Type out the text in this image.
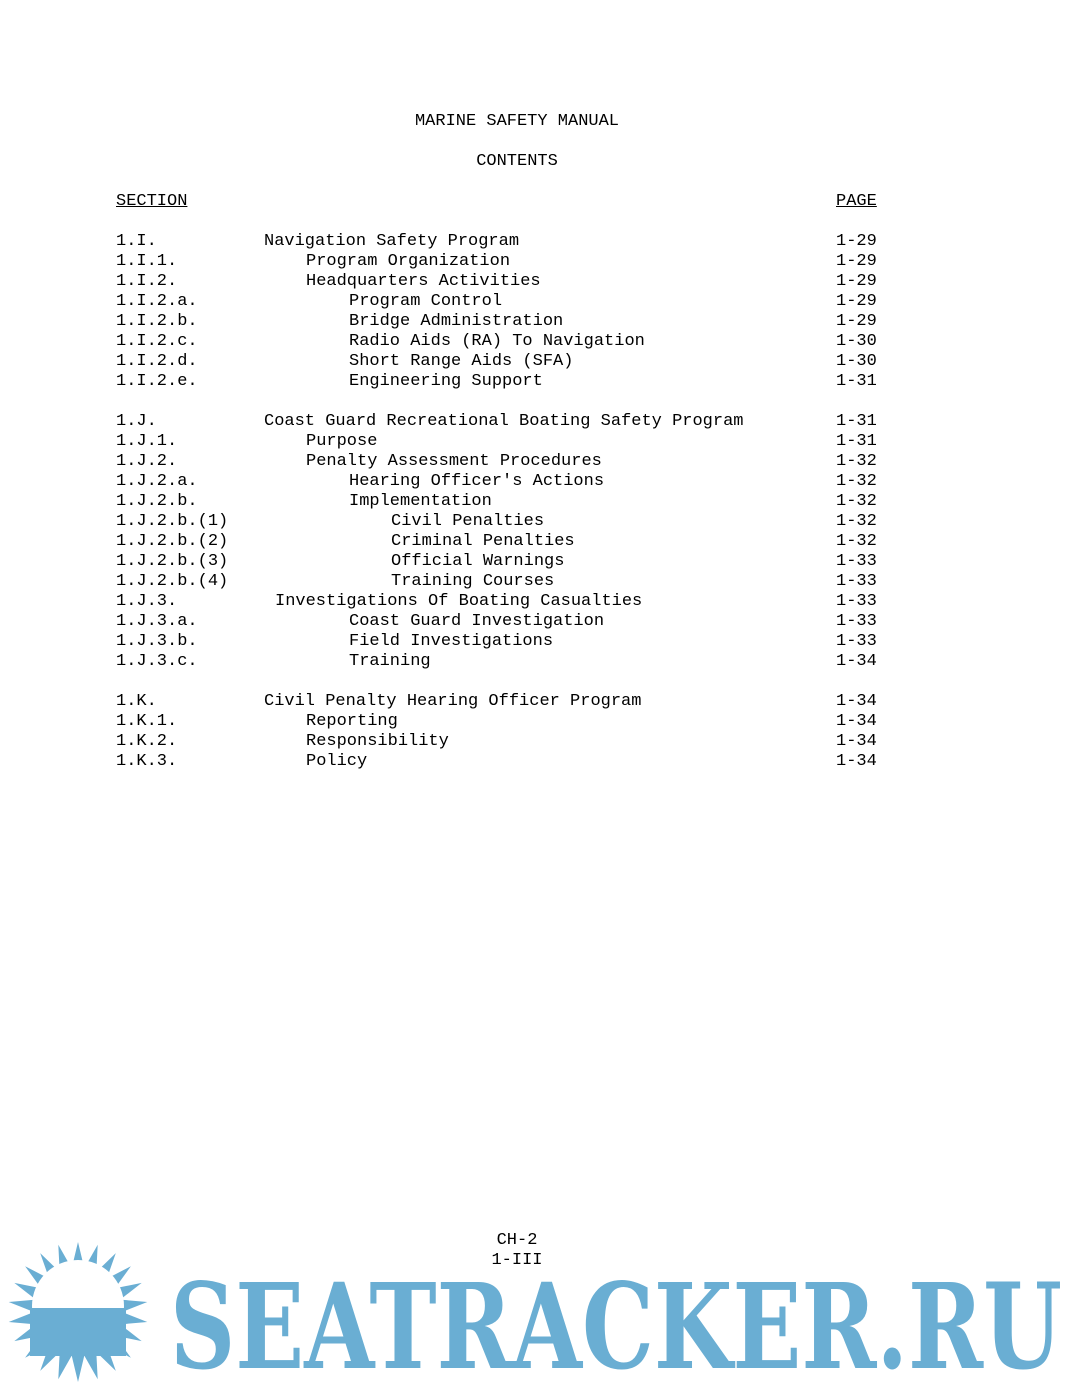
MARINE SAFETY MANUAL
CONTENTS
SECTION	PAGE
1.I.	Navigation Safety Program	1-29
1.I.1.	Program Organization	1-29
1.I.2.	Headquarters Activities	1-29
1.I.2.a.	Program Control	1-29
1.I.2.b.	Bridge Administration	1-29
1.I.2.c.	Radio Aids (RA) To Navigation	1-30
1.I.2.d.	Short Range Aids (SFA)	1-30
1.I.2.e.	Engineering Support	1-31
1.J.	Coast Guard Recreational Boating Safety Program	1-31
1.J.1.	Purpose	1-31
1.J.2.	Penalty Assessment Procedures	1-32
1.J.2.a.	Hearing Officer's Actions	1-32
1.J.2.b.	Implementation	1-32
1.J.2.b.(1)	Civil Penalties	1-32
1.J.2.b.(2)	Criminal Penalties	1-32
1.J.2.b.(3)	Official Warnings	1-33
1.J.2.b.(4)	Training Courses	1-33
1.J.3.	Investigations Of Boating Casualties	1-33
1.J.3.a.	Coast Guard Investigation	1-33
1.J.3.b.	Field Investigations	1-33
1.J.3.c.	Training	1-34
1.K.	Civil Penalty Hearing Officer Program	1-34
1.K.1.	Reporting	1-34
1.K.2.	Responsibility	1-34
1.K.3.	Policy	1-34
CH-2
1-III
SEATRACKER.RU
